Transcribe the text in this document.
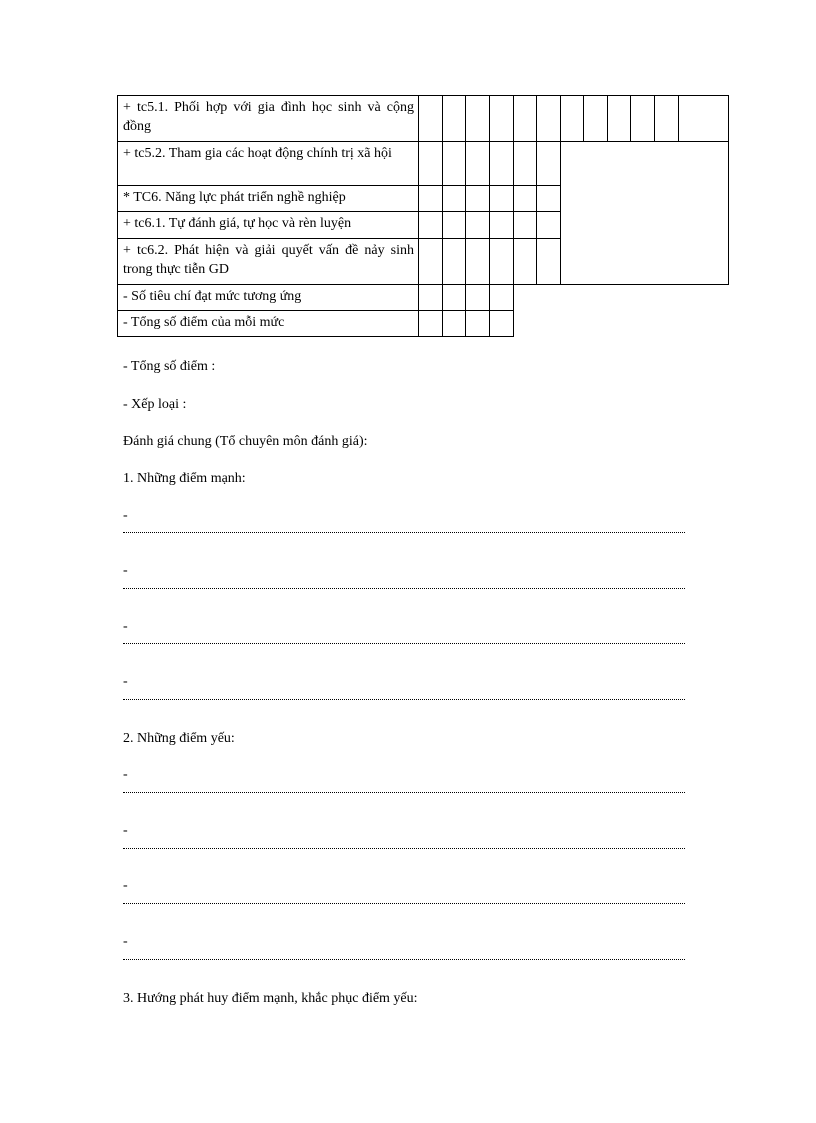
+ tc5.1. Phối hợp với gia đình học sinh và cộng đồng												
+ tc5.2. Tham gia các hoạt động chính trị xã hội												
* TC6. Năng lực phát triển nghề nghiệp												
+ tc6.1. Tự đánh giá, tự học và rèn luyện												
+ tc6.2. Phát hiện và giải quyết vấn đề nảy sinh trong thực tiễn GD												
- Số tiêu chí đạt mức tương ứng												
- Tổng số điểm của mỗi mức												
- Tổng số điểm :
- Xếp loại :
Đánh giá chung (Tổ chuyên môn đánh giá):
1. Những điểm mạnh:
-
-
-
-
2. Những điểm yếu:
-
-
-
-
3. Hướng phát huy điểm mạnh, khắc phục điểm yếu:
